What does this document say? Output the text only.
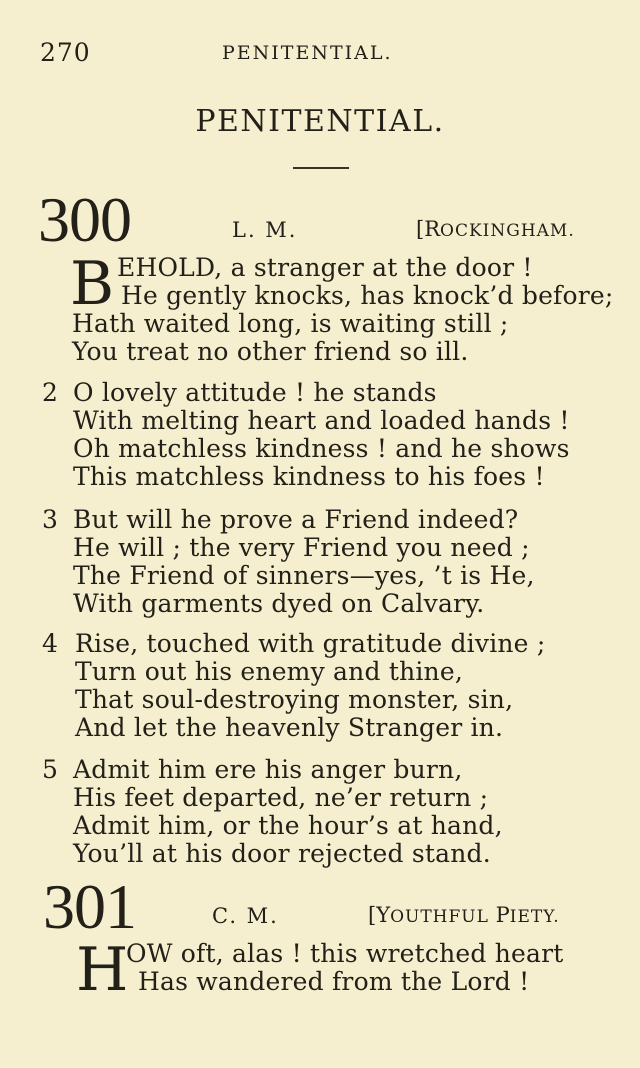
270	PENITENTIAL.
PENITENTIAL.
300	L. M.	[ROCKINGHAM.
B EHOLD, a stranger at the door !
He gently knocks, has knock’d before;
Hath waited long, is waiting still ;
You treat no other friend so ill.
2 O lovely attitude ! he stands
With melting heart and loaded hands !
Oh matchless kindness ! and he shows
This matchless kindness to his foes !
3 But will he prove a Friend indeed?
He will ; the very Friend you need ;
The Friend of sinners—yes, ’t is He,
With garments dyed on Calvary.
4 Rise, touched with gratitude divine ;
Turn out his enemy and thine,
That soul-destroying monster, sin,
And let the heavenly Stranger in.
5 Admit him ere his anger burn,
His feet departed, ne’er return ;
Admit him, or the hour’s at hand,
You’ll at his door rejected stand.
301	C. M.	[YOUTHFUL PIETY.
H
OW oft, alas ! this wretched heart
Has wandered from the Lord !
